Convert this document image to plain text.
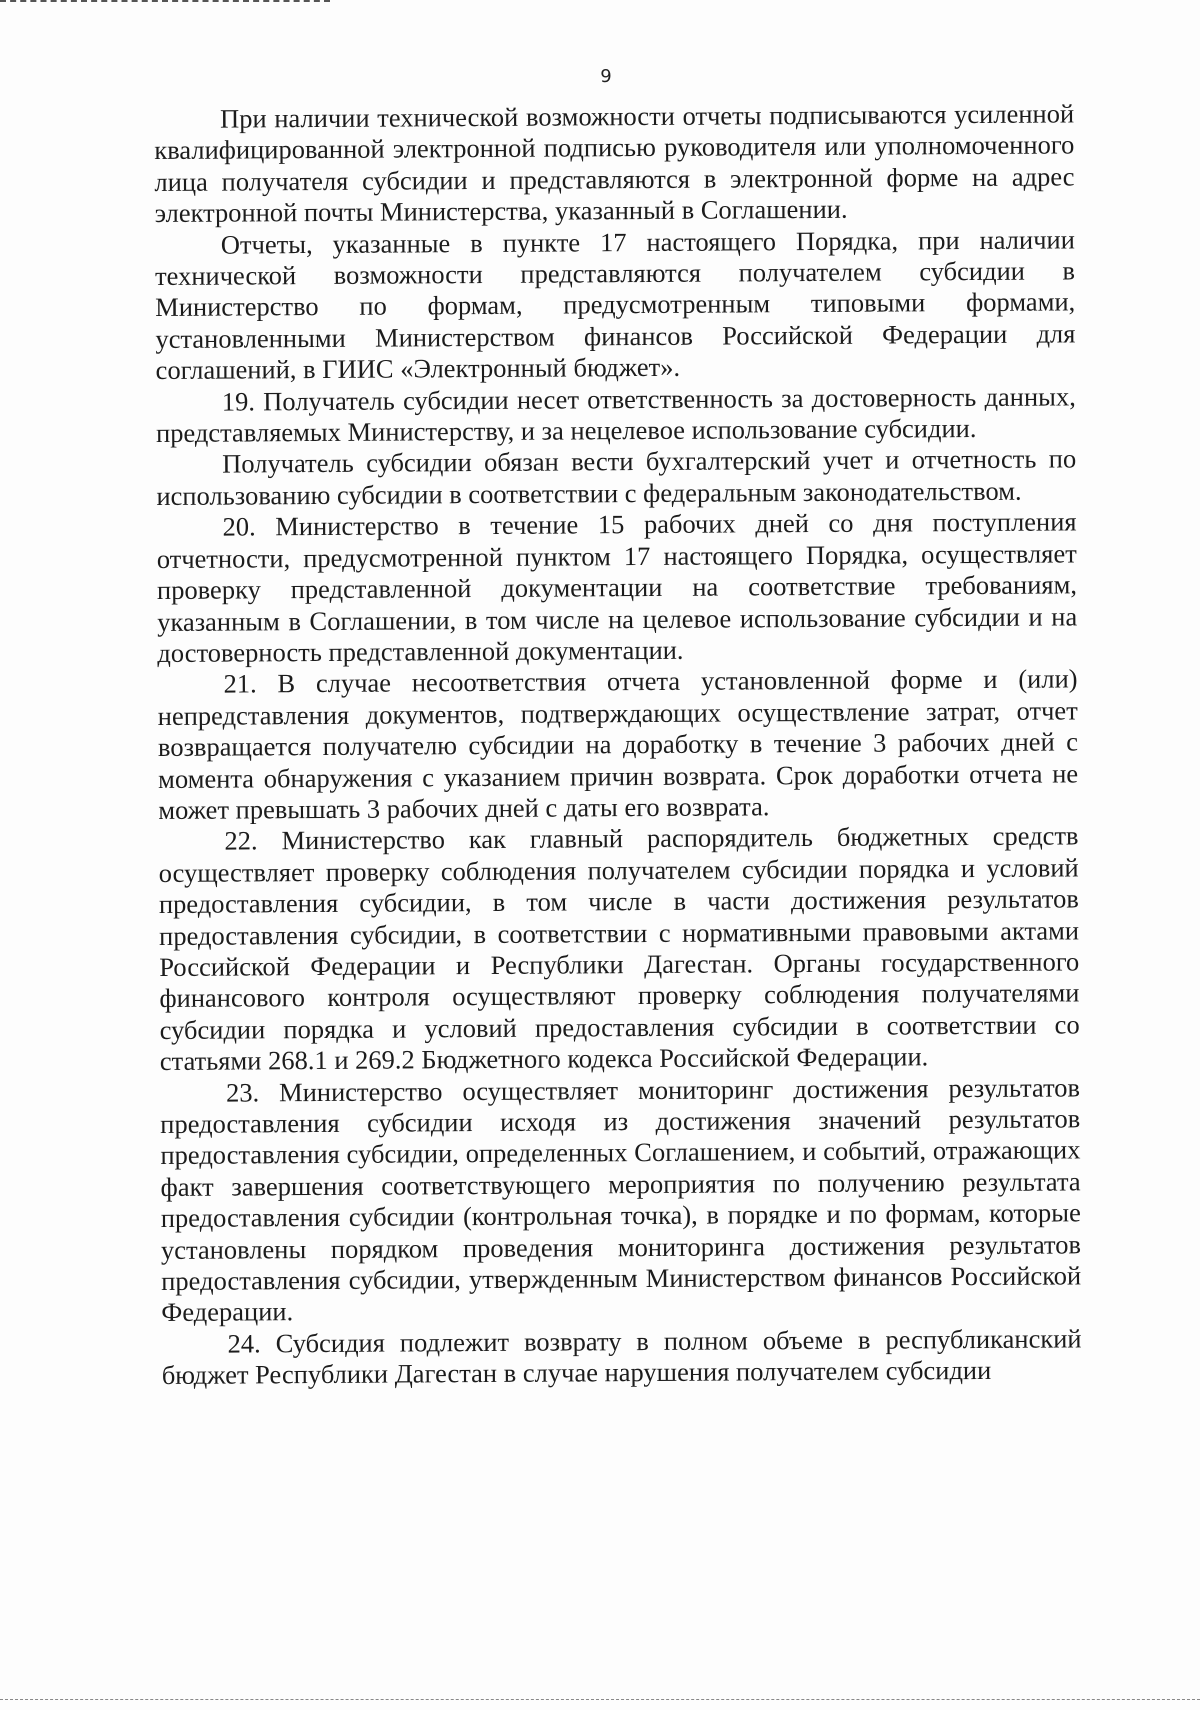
9

При наличии технической возможности отчеты подписываются усиленной квалифицированной электронной подписью руководителя или уполномоченного лица получателя субсидии и представляются в электронной форме на адрес электронной почты Министерства, указанный в Соглашении.

Отчеты, указанные в пункте 17 настоящего Порядка, при наличии технической возможности представляются получателем субсидии в Министерство по формам, предусмотренным типовыми формами, установленными Министерством финансов Российской Федерации для соглашений, в ГИИС «Электронный бюджет».

19. Получатель субсидии несет ответственность за достоверность данных, представляемых Министерству, и за нецелевое использование субсидии.

Получатель субсидии обязан вести бухгалтерский учет и отчетность по использованию субсидии в соответствии с федеральным законодательством.

20. Министерство в течение 15 рабочих дней со дня поступления отчетности, предусмотренной пунктом 17 настоящего Порядка, осуществляет проверку представленной документации на соответствие требованиям, указанным в Соглашении, в том числе на целевое использование субсидии и на достоверность представленной документации.

21. В случае несоответствия отчета установленной форме и (или) непредставления документов, подтверждающих осуществление затрат, отчет возвращается получателю субсидии на доработку в течение 3 рабочих дней с момента обнаружения с указанием причин возврата. Срок доработки отчета не может превышать 3 рабочих дней с даты его возврата.

22. Министерство как главный распорядитель бюджетных средств осуществляет проверку соблюдения получателем субсидии порядка и условий предоставления субсидии, в том числе в части достижения результатов предоставления субсидии, в соответствии с нормативными правовыми актами Российской Федерации и Республики Дагестан. Органы государственного финансового контроля осуществляют проверку соблюдения получателями субсидии порядка и условий предоставления субсидии в соответствии со статьями 268.1 и 269.2 Бюджетного кодекса Российской Федерации.

23. Министерство осуществляет мониторинг достижения результатов предоставления субсидии исходя из достижения значений результатов предоставления субсидии, определенных Соглашением, и событий, отражающих факт завершения соответствующего мероприятия по получению результата предоставления субсидии (контрольная точка), в порядке и по формам, которые установлены порядком проведения мониторинга достижения результатов предоставления субсидии, утвержденным Министерством финансов Российской Федерации.

24. Субсидия подлежит возврату в полном объеме в республиканский бюджет Республики Дагестан в случае нарушения получателем субсидии
